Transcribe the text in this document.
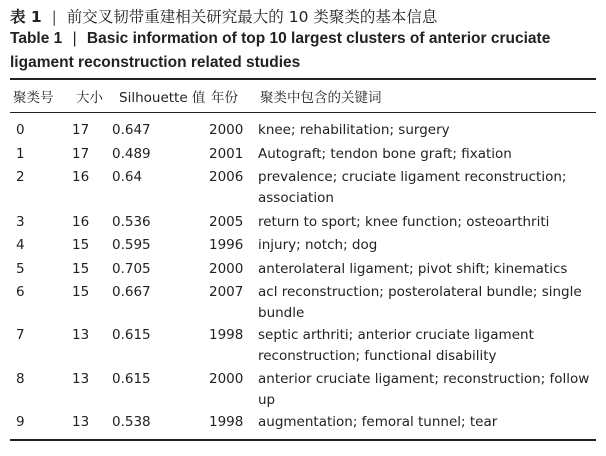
表 1 | 前交叉韧带重建相关研究最大的 10 类聚类的基本信息
Table 1 | Basic information of top 10 largest clusters of anterior cruciate ligament reconstruction related studies
聚类号 大小 Silhouette 值 年份 聚类中包含的关键词
0	17 0.647	2000 knee; rehabilitation; surgery
1	17 0.489	2001 Autograft; tendon bone graft; fixation
2	16 0.64	2006 prevalence; cruciate ligament reconstruction; association
3	16 0.536	2005 return to sport; knee function; osteoarthriti
4	15 0.595	1996 injury; notch; dog
5	15 0.705	2000 anterolateral ligament; pivot shift; kinematics
6	15 0.667	2007 acl reconstruction; posterolateral bundle; single bundle
7	13 0.615	1998 septic arthriti; anterior cruciate ligament reconstruction; functional disability
8	13 0.615	2000 anterior cruciate ligament; reconstruction; follow up
9	13 0.538	1998 augmentation; femoral tunnel; tear
